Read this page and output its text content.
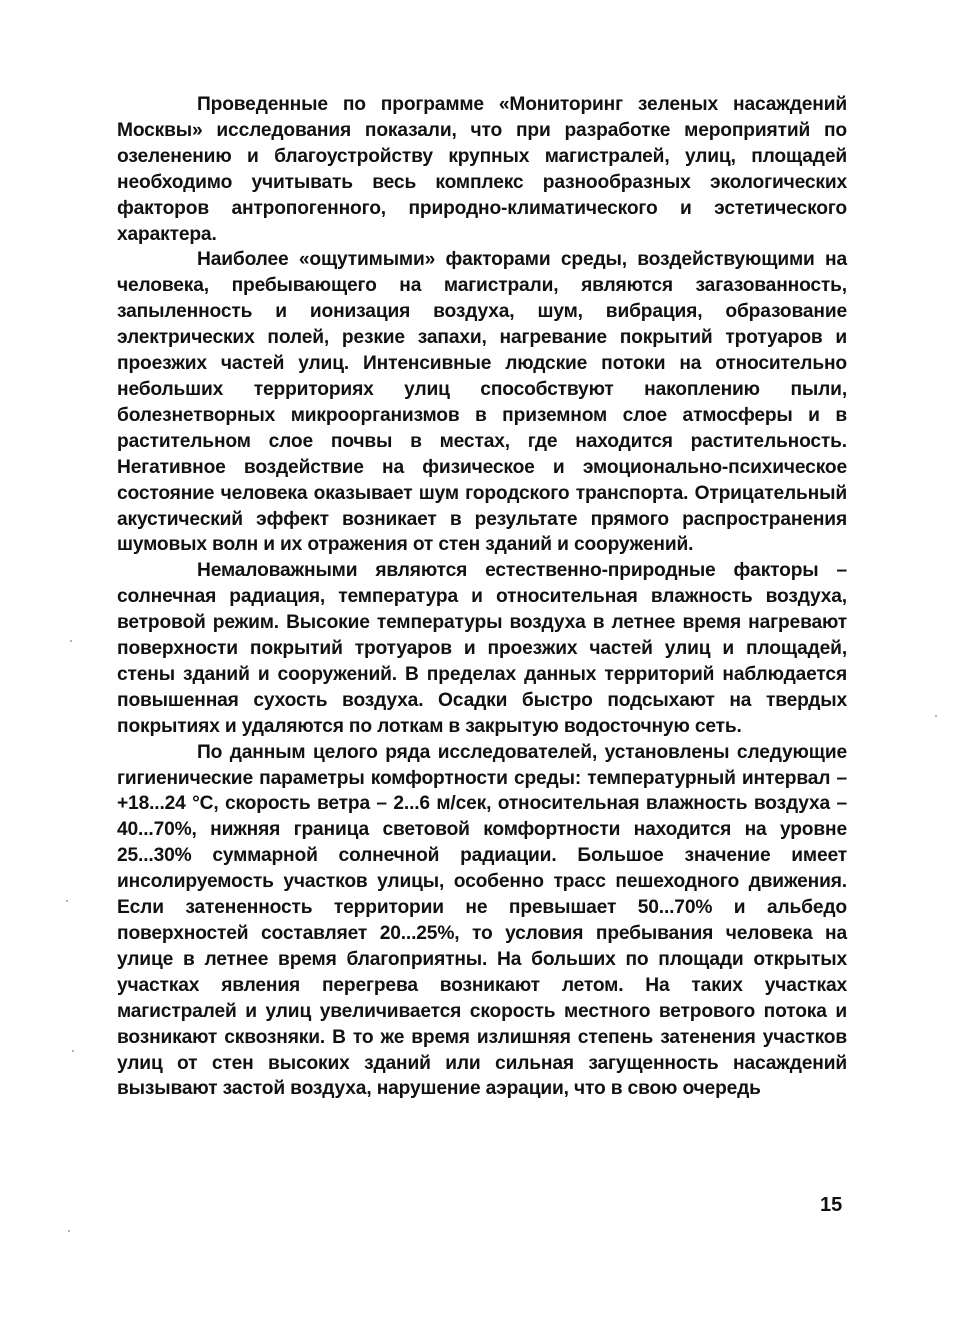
Проведенные по программе «Мониторинг зеленых насаждений Москвы» исследования показали, что при разработке мероприятий по озеленению и благоустройству крупных магистралей, улиц, площадей необходимо учитывать весь комплекс разнообразных экологических факторов антропогенного, природно-климатического и эстетического характера.

Наиболее «ощутимыми» факторами среды, воздействующими на человека, пребывающего на магистрали, являются загазованность, запыленность и ионизация воздуха, шум, вибрация, образование электрических полей, резкие запахи, нагревание покрытий тротуаров и проезжих частей улиц. Интенсивные людские потоки на относительно небольших территориях улиц способствуют накоплению пыли, болезнетворных микроорганизмов в приземном слое атмосферы и в растительном слое почвы в местах, где находится растительность. Негативное воздействие на физическое и эмоционально-психическое состояние человека оказывает шум городского транспорта. Отрицательный акустический эффект возникает в результате прямого распространения шумовых волн и их отражения от стен зданий и сооружений.

Немаловажными являются естественно-природные факторы – солнечная радиация, температура и относительная влажность воздуха, ветровой режим. Высокие температуры воздуха в летнее время нагревают поверхности покрытий тротуаров и проезжих частей улиц и площадей, стены зданий и сооружений. В пределах данных территорий наблюдается повышенная сухость воздуха. Осадки быстро подсыхают на твердых покрытиях и удаляются по лоткам в закрытую водосточную сеть.

По данным целого ряда исследователей, установлены следующие гигиенические параметры комфортности среды: температурный интервал – +18...24 °С, скорость ветра – 2...6 м/сек, относительная влажность воздуха – 40...70%, нижняя граница световой комфортности находится на уровне 25...30% суммарной солнечной радиации. Большое значение имеет инсолируемость участков улицы, особенно трасс пешеходного движения. Если затененность территории не превышает 50...70% и альбедо поверхностей составляет 20...25%, то условия пребывания человека на улице в летнее время благоприятны. На больших по площади открытых участках явления перегрева возникают летом. На таких участках магистралей и улиц увеличивается скорость местного ветрового потока и возникают сквозняки. В то же время излишняя степень затенения участков улиц от стен высоких зданий или сильная загущенность насаждений вызывают застой воздуха, нарушение аэрации, что в свою очередь

15
